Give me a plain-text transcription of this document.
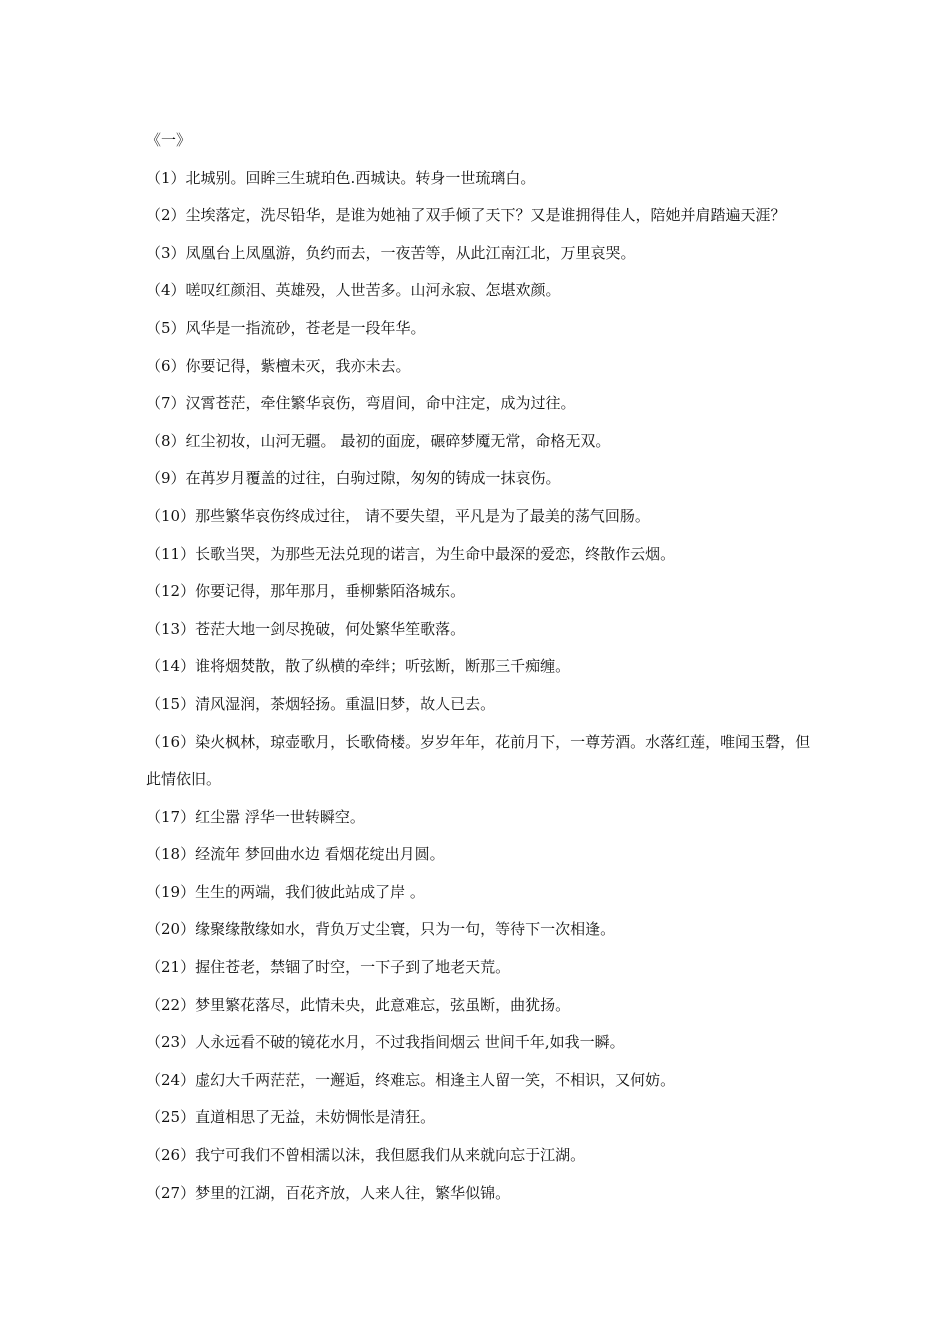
《一》
（1）北城别。回眸三生琥珀色.西城诀。转身一世琉璃白。
（2）尘埃落定，洗尽铅华，是谁为她袖了双手倾了天下？又是谁拥得佳人，陪她并肩踏遍天涯？
（3）凤凰台上凤凰游，负约而去，一夜苦等，从此江南江北，万里哀哭。
（4）嗟叹红颜泪、英雄殁，人世苦多。山河永寂、怎堪欢颜。
（5）风华是一指流砂，苍老是一段年华。
（6）你要记得，紫檀未灭，我亦未去。
（7）汉霄苍茫，牵住繁华哀伤，弯眉间，命中注定，成为过往。
（8）红尘初妆，山河无疆。 最初的面庞，碾碎梦魇无常，命格无双。
（9）在苒岁月覆盖的过往，白驹过隙，匆匆的铸成一抹哀伤。
（10）那些繁华哀伤终成过往， 请不要失望，平凡是为了最美的荡气回肠。
（11）长歌当哭，为那些无法兑现的诺言，为生命中最深的爱恋，终散作云烟。
（12）你要记得，那年那月，垂柳紫陌洛城东。
（13）苍茫大地一剑尽挽破，何处繁华笙歌落。
（14）谁将烟焚散，散了纵横的牵绊；听弦断，断那三千痴缠。
（15）清风湿润，茶烟轻扬。重温旧梦，故人已去。
（16）染火枫林，琼壶歌月，长歌倚楼。岁岁年年，花前月下，一尊芳酒。水落红莲，唯闻玉磬，但此情依旧。
（17）红尘嚣 浮华一世转瞬空。
（18）经流年 梦回曲水边 看烟花绽出月圆。
（19）生生的两端，我们彼此站成了岸 。
（20）缘聚缘散缘如水，背负万丈尘寰，只为一句，等待下一次相逢。
（21）握住苍老，禁锢了时空，一下子到了地老天荒。
（22）梦里繁花落尽，此情未央，此意难忘，弦虽断，曲犹扬。
（23）人永远看不破的镜花水月，不过我指间烟云 世间千年,如我一瞬。
（24）虚幻大千两茫茫，一邂逅，终难忘。相逢主人留一笑，不相识，又何妨。
（25）直道相思了无益，未妨惆怅是清狂。
（26）我宁可我们不曾相濡以沫，我但愿我们从来就向忘于江湖。
（27）梦里的江湖，百花齐放，人来人往，繁华似锦。
